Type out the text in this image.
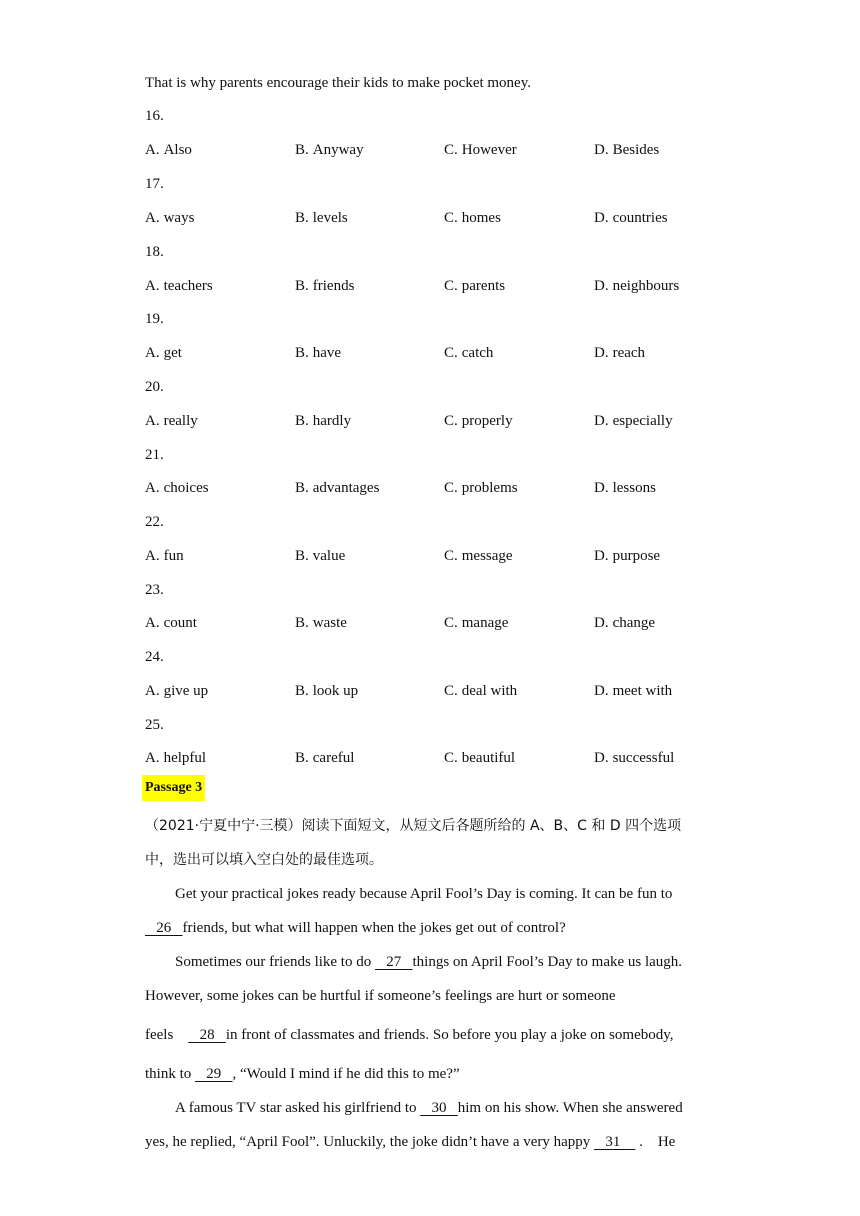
That is why parents encourage their kids to make pocket money.
16.
A. Also	B. Anyway	C. However	D. Besides
17.
A. ways	B. levels	C. homes	D. countries
18.
A. teachers	B. friends	C. parents	D. neighbours
19.
A. get	B. have	C. catch	D. reach
20.
A. really	B. hardly	C. properly	D. especially
21.
A. choices	B. advantages	C. problems	D. lessons
22.
A. fun	B. value	C. message	D. purpose
23.
A. count	B. waste	C. manage	D. change
24.
A. give up	B. look up	C. deal with	D. meet with
25.
A. helpful	B. careful	C. beautiful	D. successful
Passage 3
（2021·宁夏中宁·三模）阅读下面短文，从短文后各题所给的 A、B、C 和 D 四个选项
中，选出可以填入空白处的最佳选项。
Get your practical jokes ready because April Fool’s Day is coming. It can be fun to
26   friends, but what will happen when the jokes get out of control?
Sometimes our friends like to do    27   things on April Fool’s Day to make us laugh.
However, some jokes can be hurtful if someone’s feelings are hurt or someone
feels       28   in front of classmates and friends. So before you play a joke on somebody,
think to    29   , “Would I mind if he did this to me?”
A famous TV star asked his girlfriend to    30   him on his show. When she answered
yes, he replied, “April Fool”. Unluckily, the joke didn’t have a very happy    31     .    He
